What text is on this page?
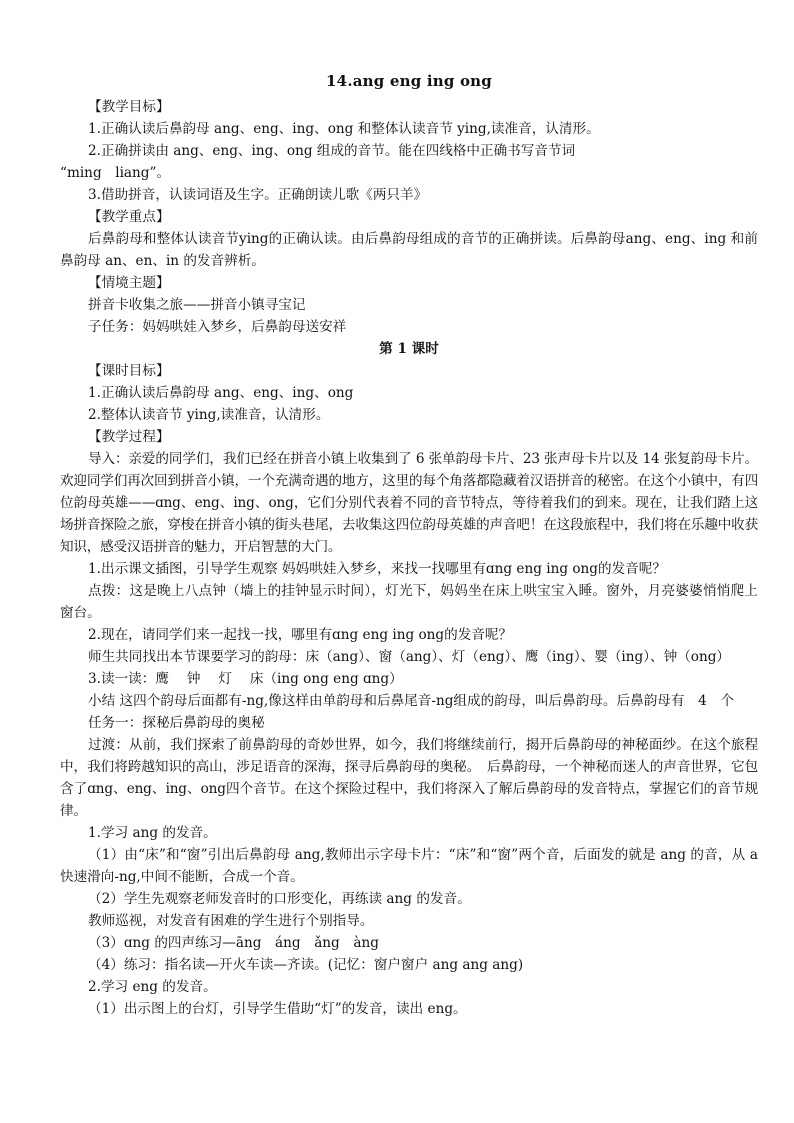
14.ang eng ing ong

【教学目标】

1.正确认读后鼻韵母 ang、eng、ing、ong 和整体认读音节 ying,读准音，认清形。

2.正确拼读由 ang、eng、ing、ong 组成的音节。能在四线格中正确书写音节词

“ming　liang”。

3.借助拼音，认读词语及生字。正确朗读儿歌《两只羊》

【教学重点】

后鼻韵母和整体认读音节ying的正确认读。由后鼻韵母组成的音节的正确拼读。后鼻韵母ang、eng、ing 和前鼻韵母 an、en、in 的发音辨析。

【情境主题】

拼音卡收集之旅——拼音小镇寻宝记

子任务：妈妈哄娃入梦乡，后鼻韵母送安祥

第 1 课时

【课时目标】

1.正确认读后鼻韵母 ang、eng、ing、ong

2.整体认读音节 ying,读准音，认清形。

【教学过程】

导入：亲爱的同学们，我们已经在拼音小镇上收集到了 6 张单韵母卡片、23 张声母卡片以及 14 张复韵母卡片。欢迎同学们再次回到拼音小镇，一个充满奇遇的地方，这里的每个角落都隐藏着汉语拼音的秘密。在这个小镇中，有四位韵母英雄——ɑng、eng、ing、ong，它们分别代表着不同的音节特点，等待着我们的到来。现在，让我们踏上这场拼音探险之旅，穿梭在拼音小镇的街头巷尾，去收集这四位韵母英雄的声音吧！在这段旅程中，我们将在乐趣中收获知识，感受汉语拼音的魅力，开启智慧的大门。

1.出示课文插图，引导学生观察 妈妈哄娃入梦乡，来找一找哪里有ɑng eng ing ong的发音呢？

点拨：这是晚上八点钟（墙上的挂钟显示时间），灯光下，妈妈坐在床上哄宝宝入睡。窗外，月亮婆婆悄悄爬上窗台。

2.现在，请同学们来一起找一找，哪里有ɑng eng ing ong的发音呢？

师生共同找出本节课要学习的韵母：床（ang）、窗（ang）、灯（eng）、鹰（ing）、婴（ing）、钟（ong）

3.读一读：鹰　 钟　 灯　 床（ing ong eng ɑng）

小结 这四个韵母后面都有-ng,像这样由单韵母和后鼻尾音-ng组成的韵母，叫后鼻韵母。后鼻韵母有　4　个

任务一：探秘后鼻韵母的奥秘

过渡：从前，我们探索了前鼻韵母的奇妙世界，如今，我们将继续前行，揭开后鼻韵母的神秘面纱。在这个旅程中，我们将跨越知识的高山，涉足语音的深海，探寻后鼻韵母的奥秘。　后鼻韵母，一个神秘而迷人的声音世界，它包含了ɑng、eng、ing、ong四个音节。在这个探险过程中，我们将深入了解后鼻韵母的发音特点，掌握它们的音节规律。

1.学习 ang 的发音。

（1）由“床”和“窗”引出后鼻韵母 ang,教师出示字母卡片：“床”和“窗”两个音，后面发的就是 ang 的音，从 a 快速滑向-ng,中间不能断，合成一个音。

（2）学生先观察老师发音时的口形变化，再练读 ang 的发音。

教师巡视，对发音有困难的学生进行个别指导。

（3）ɑng 的四声练习—āng　áng　ǎng　àng

（4）练习：指名读—开火车读—齐读。(记忆：窗户窗户 ang ang ang)

2.学习 eng 的发音。

（1）出示图上的台灯，引导学生借助“灯”的发音，读出 eng。
